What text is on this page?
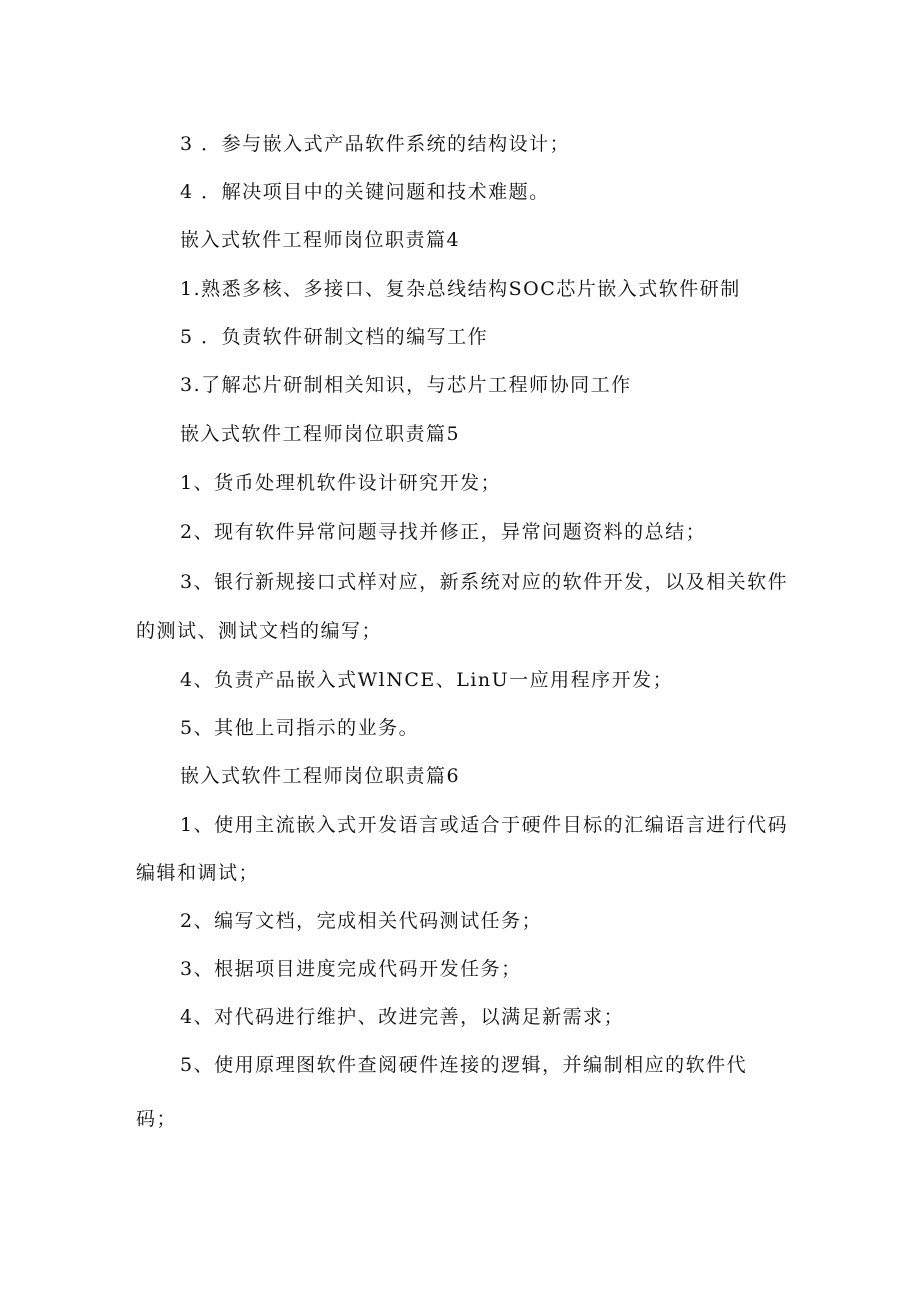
3 ．参与嵌入式产品软件系统的结构设计；
4 ．解决项目中的关键问题和技术难题。
嵌入式软件工程师岗位职责篇4
1.熟悉多核、多接口、复杂总线结构SOC芯片嵌入式软件研制
5 ．负责软件研制文档的编写工作
3.了解芯片研制相关知识，与芯片工程师协同工作
嵌入式软件工程师岗位职责篇5
1、货币处理机软件设计研究开发；
2、现有软件异常问题寻找并修正，异常问题资料的总结；
3、银行新规接口式样对应，新系统对应的软件开发，以及相关软件
的测试、测试文档的编写；
4、负责产品嵌入式WlNCE、LinU一应用程序开发；
5、其他上司指示的业务。
嵌入式软件工程师岗位职责篇6
1、使用主流嵌入式开发语言或适合于硬件目标的汇编语言进行代码
编辑和调试；
2、编写文档，完成相关代码测试任务；
3、根据项目进度完成代码开发任务；
4、对代码进行维护、改进完善，以满足新需求；
5、使用原理图软件查阅硬件连接的逻辑，并编制相应的软件代
码；
